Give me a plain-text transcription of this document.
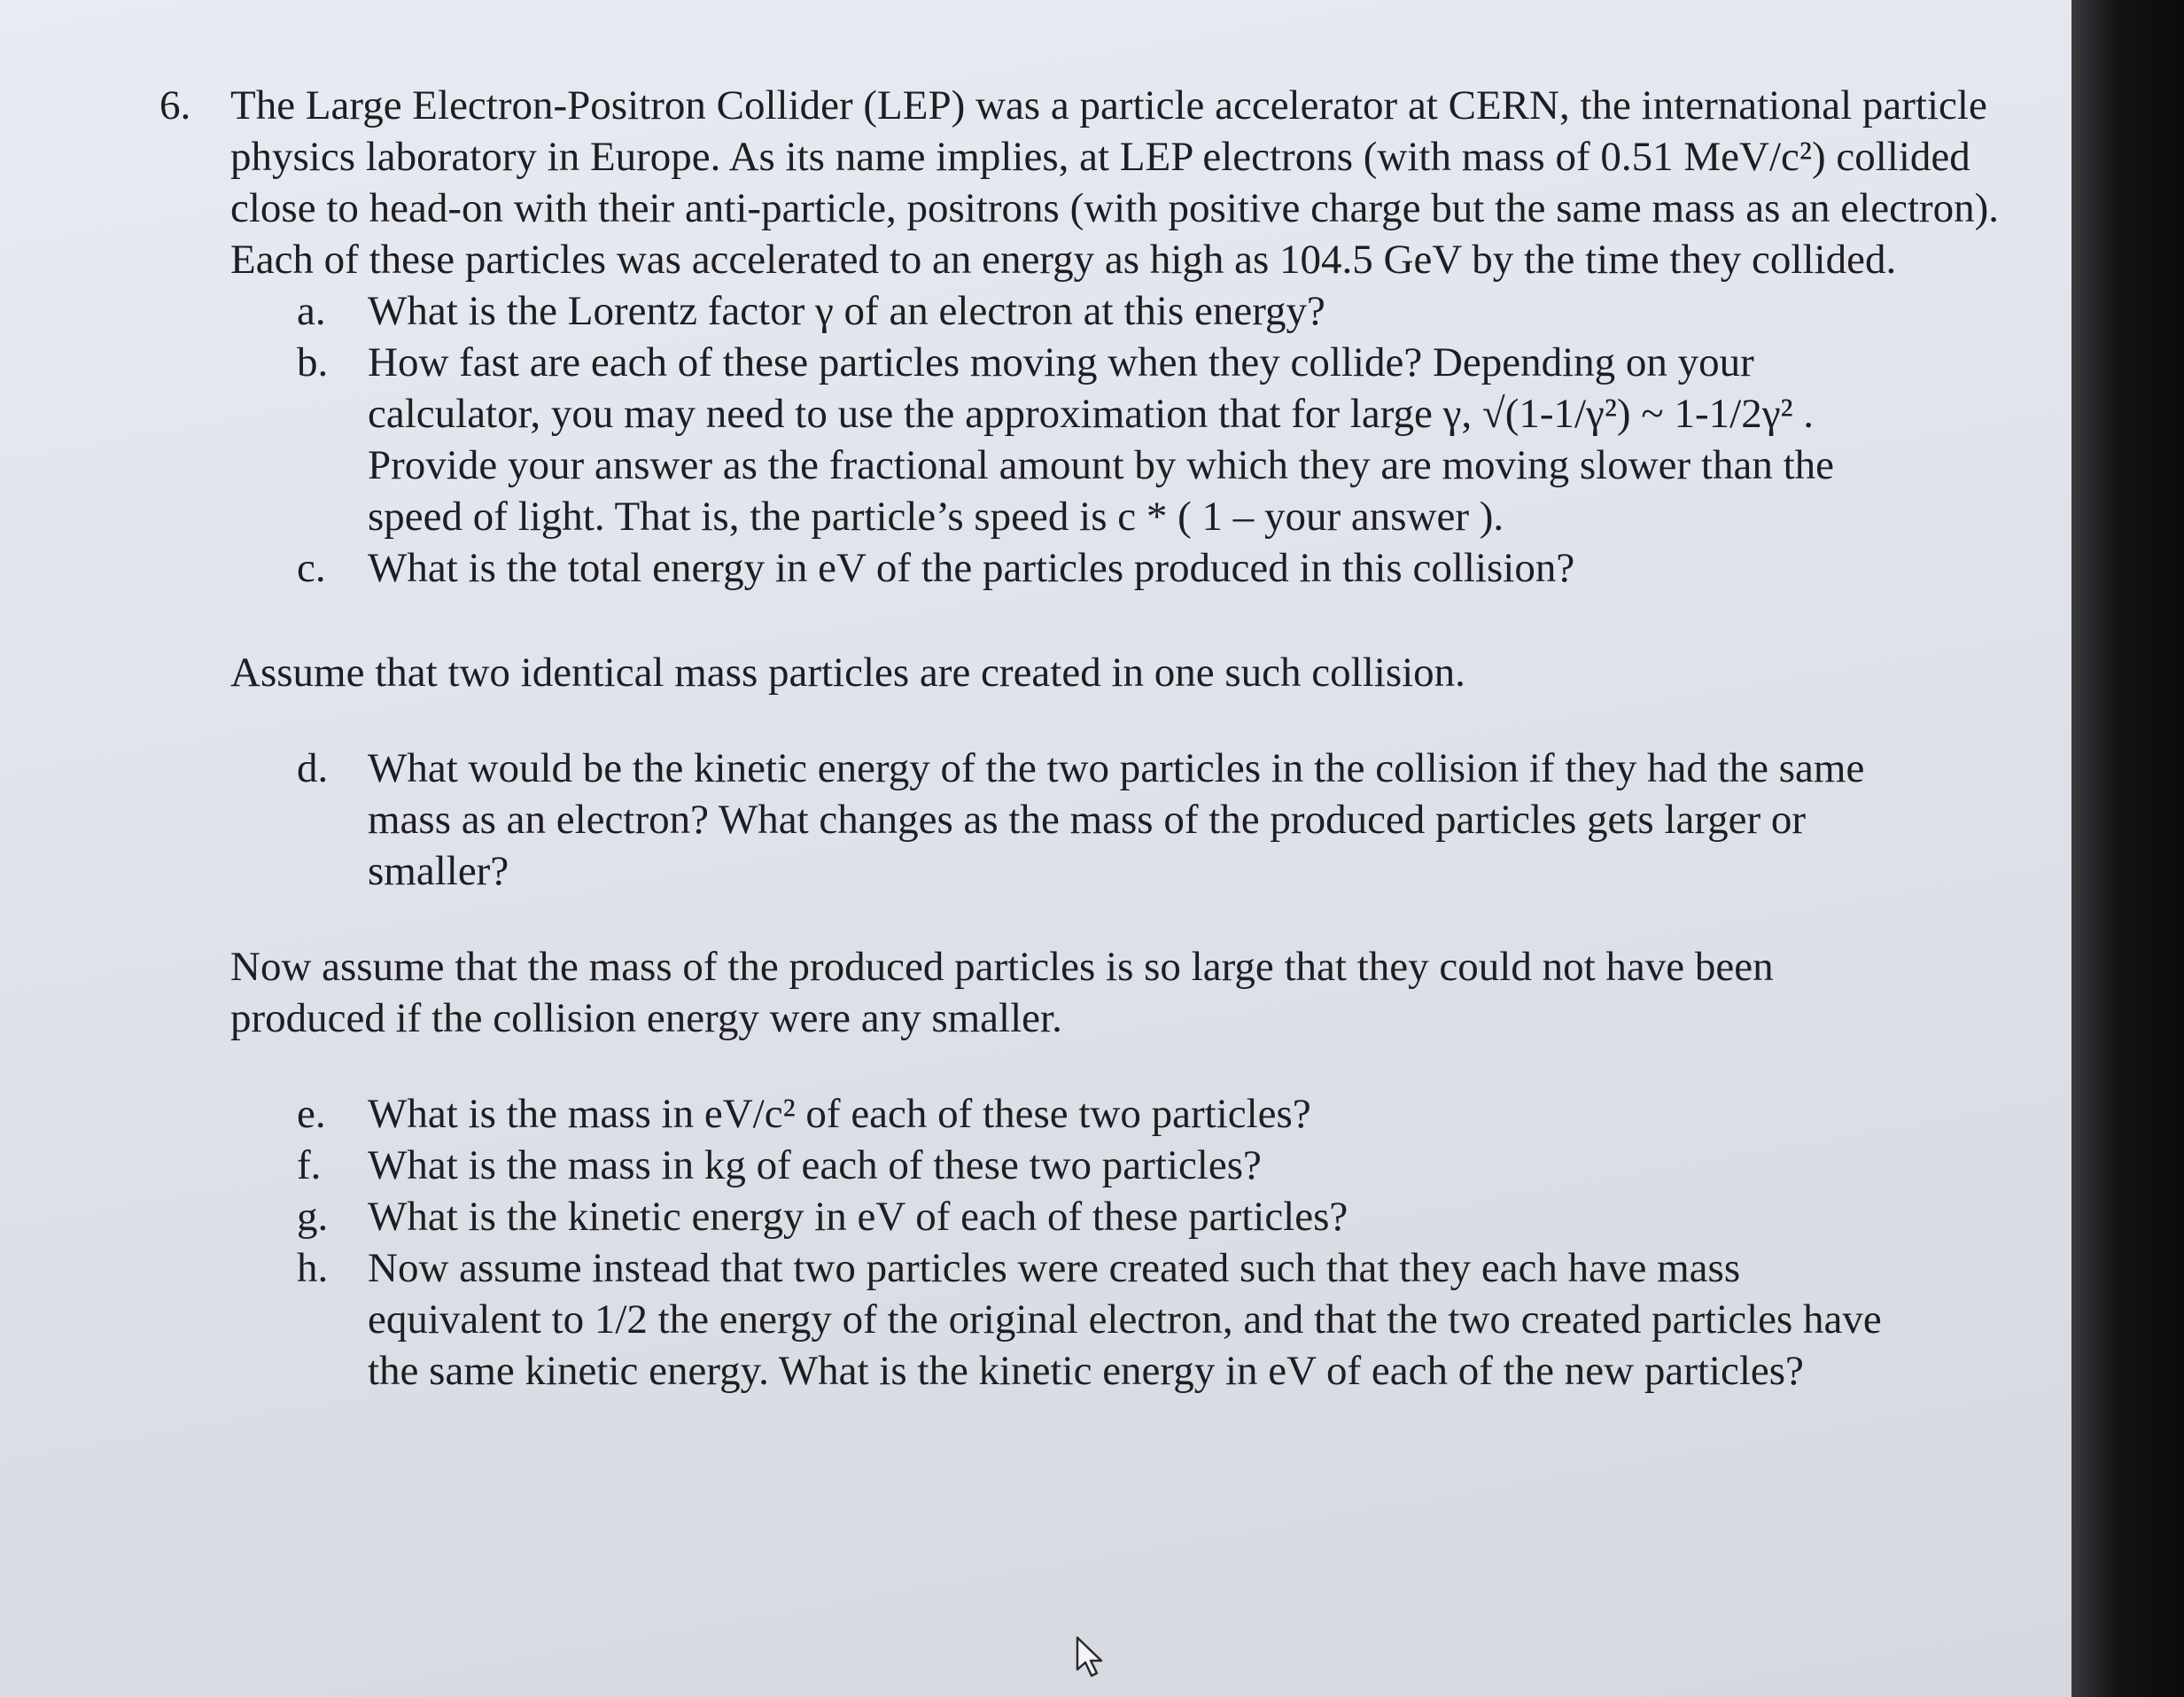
6. The Large Electron-Positron Collider (LEP) was a particle accelerator at CERN, the international particle physics laboratory in Europe. As its name implies, at LEP electrons (with mass of 0.51 MeV/c²) collided close to head-on with their anti-particle, positrons (with positive charge but the same mass as an electron). Each of these particles was accelerated to an energy as high as 104.5 GeV by the time they collided.
a. What is the Lorentz factor γ of an electron at this energy?
b. How fast are each of these particles moving when they collide? Depending on your calculator, you may need to use the approximation that for large γ, √(1-1/γ²) ~ 1-1/2γ² . Provide your answer as the fractional amount by which they are moving slower than the speed of light. That is, the particle’s speed is c * ( 1 – your answer ).
c. What is the total energy in eV of the particles produced in this collision?
Assume that two identical mass particles are created in one such collision.
d. What would be the kinetic energy of the two particles in the collision if they had the same mass as an electron? What changes as the mass of the produced particles gets larger or smaller?
Now assume that the mass of the produced particles is so large that they could not have been produced if the collision energy were any smaller.
e. What is the mass in eV/c² of each of these two particles?
f. What is the mass in kg of each of these two particles?
g. What is the kinetic energy in eV of each of these particles?
h. Now assume instead that two particles were created such that they each have mass equivalent to 1/2 the energy of the original electron, and that the two created particles have the same kinetic energy. What is the kinetic energy in eV of each of the new particles?
